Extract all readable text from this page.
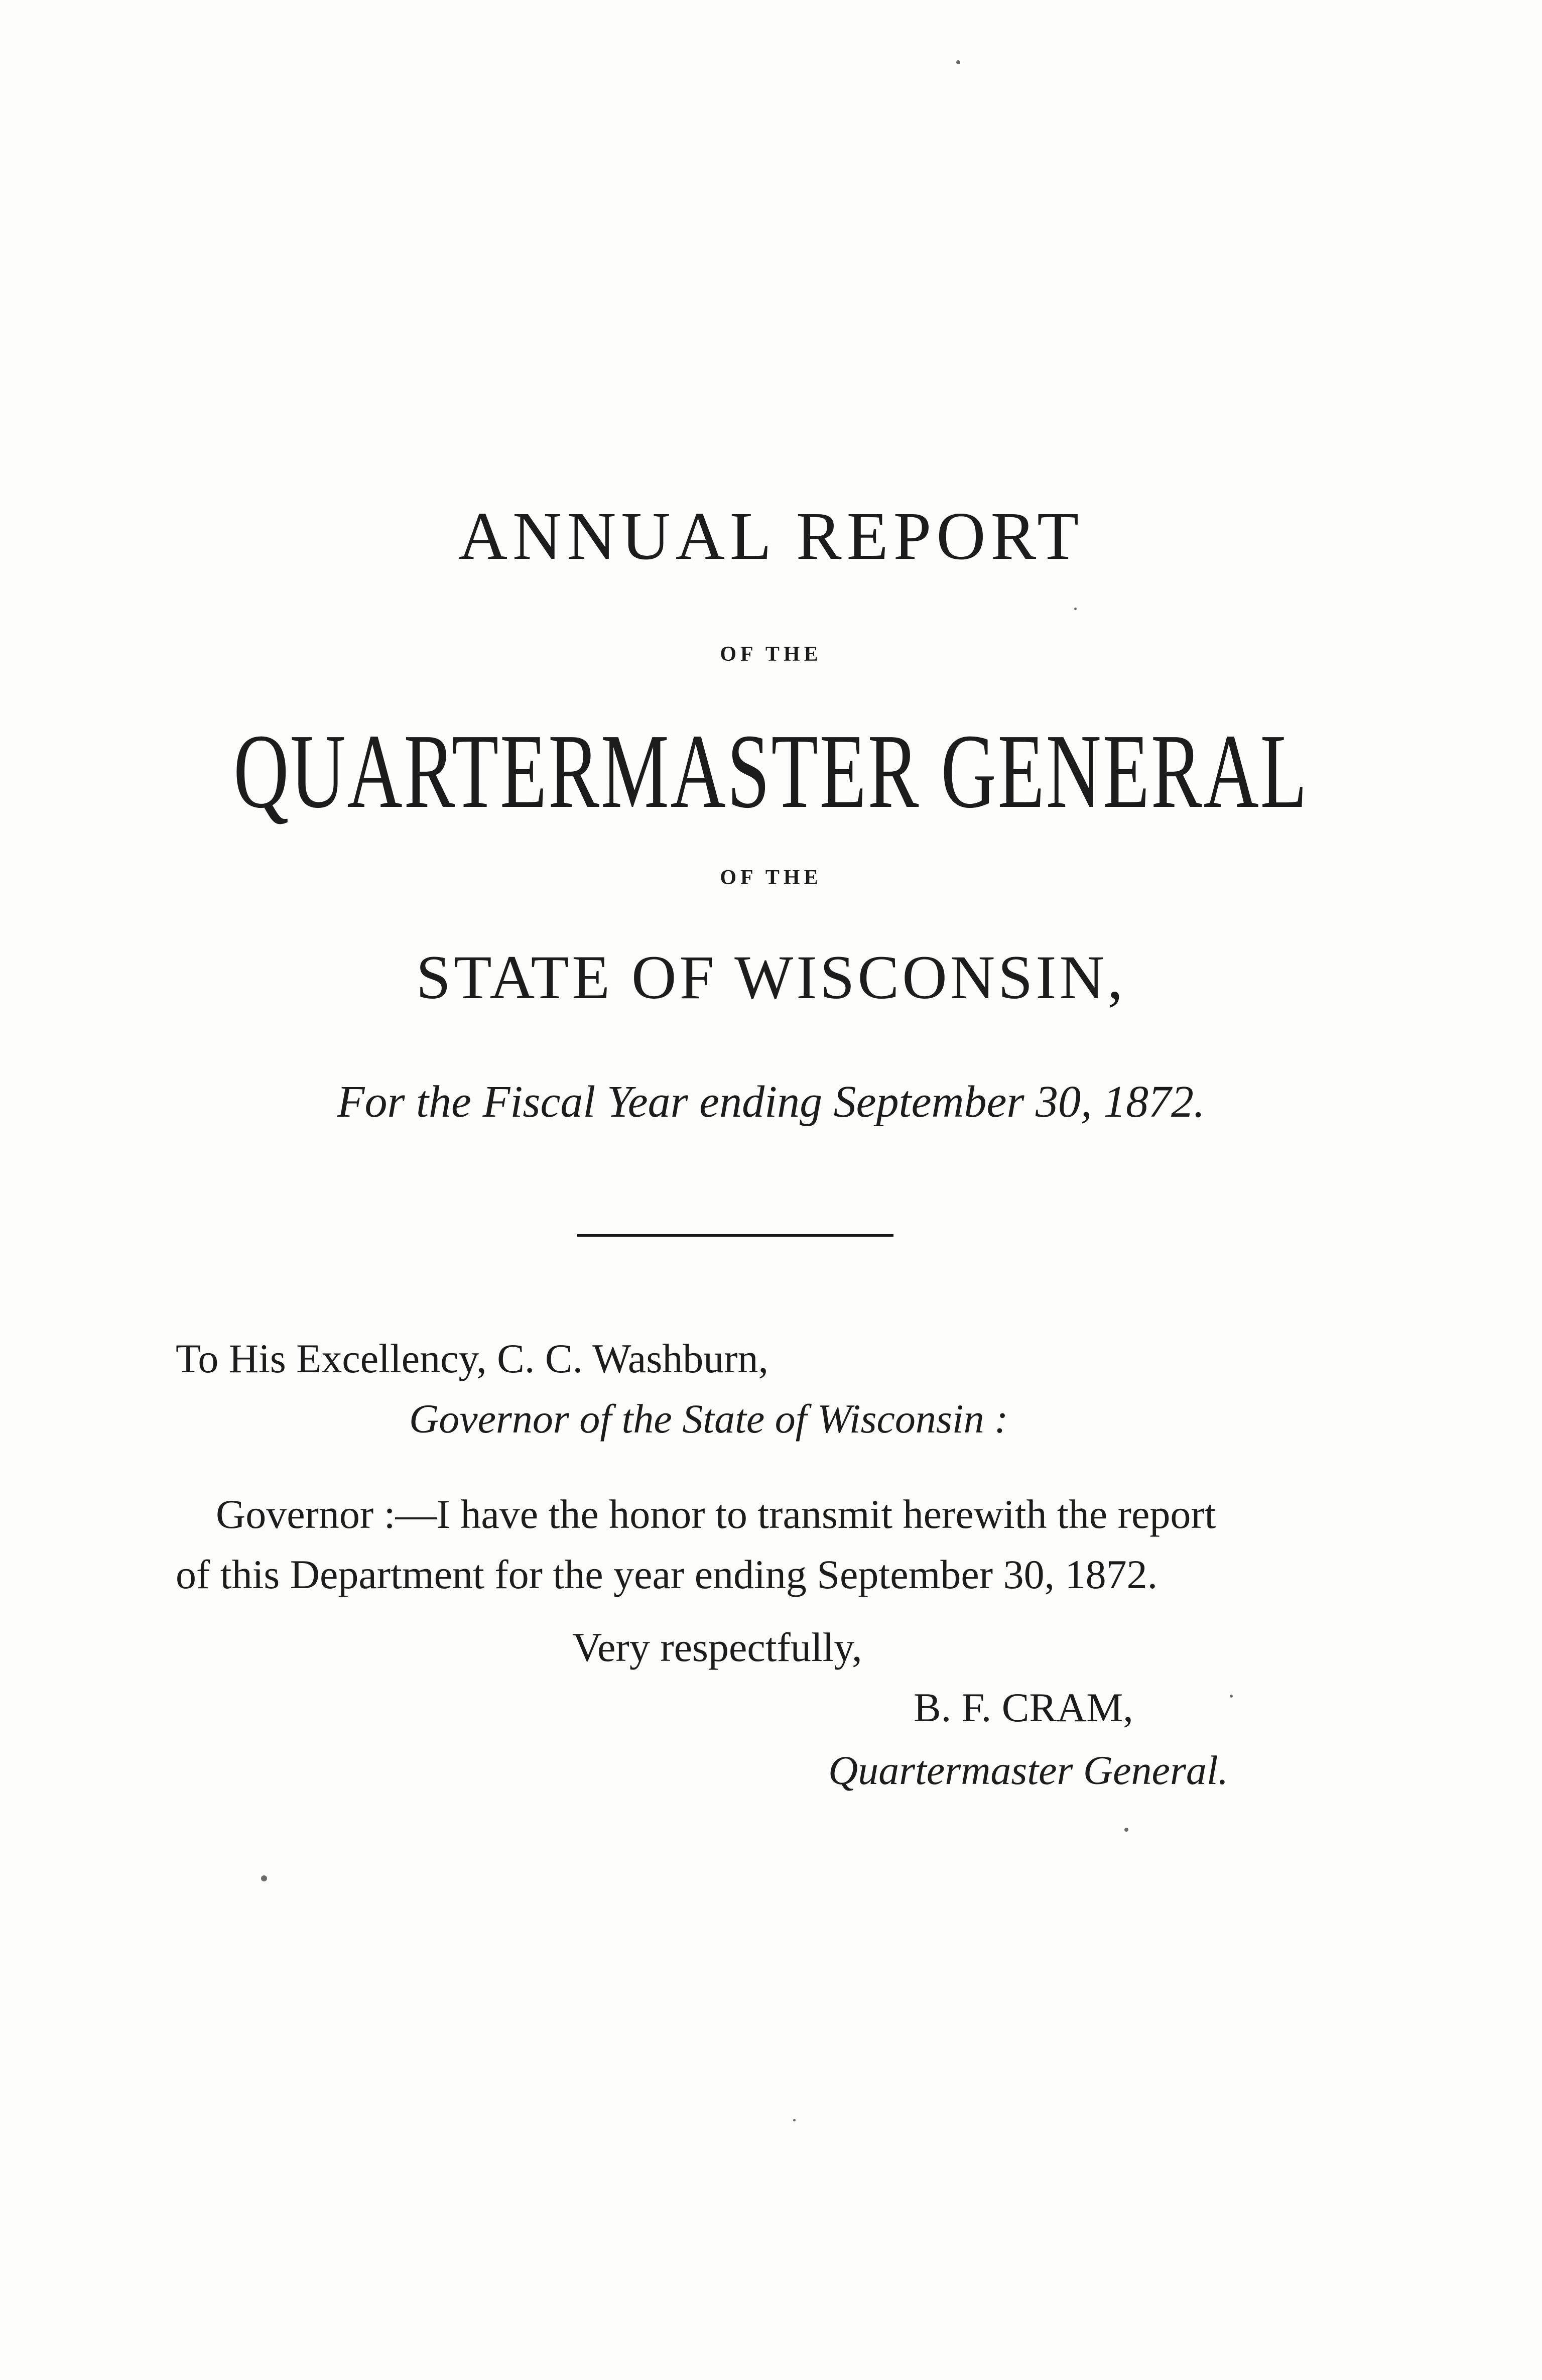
ANNUAL REPORT
OF THE
QUARTERMASTER GENERAL
OF THE
STATE OF WISCONSIN,
For the Fiscal Year ending September 30, 1872.
To His Excellency, C. C. Washburn,
Governor of the State of Wisconsin :
Governor :—I have the honor to transmit herewith the report
of this Department for the year ending September 30, 1872.
Very respectfully,
B. F. CRAM,
Quartermaster General.
